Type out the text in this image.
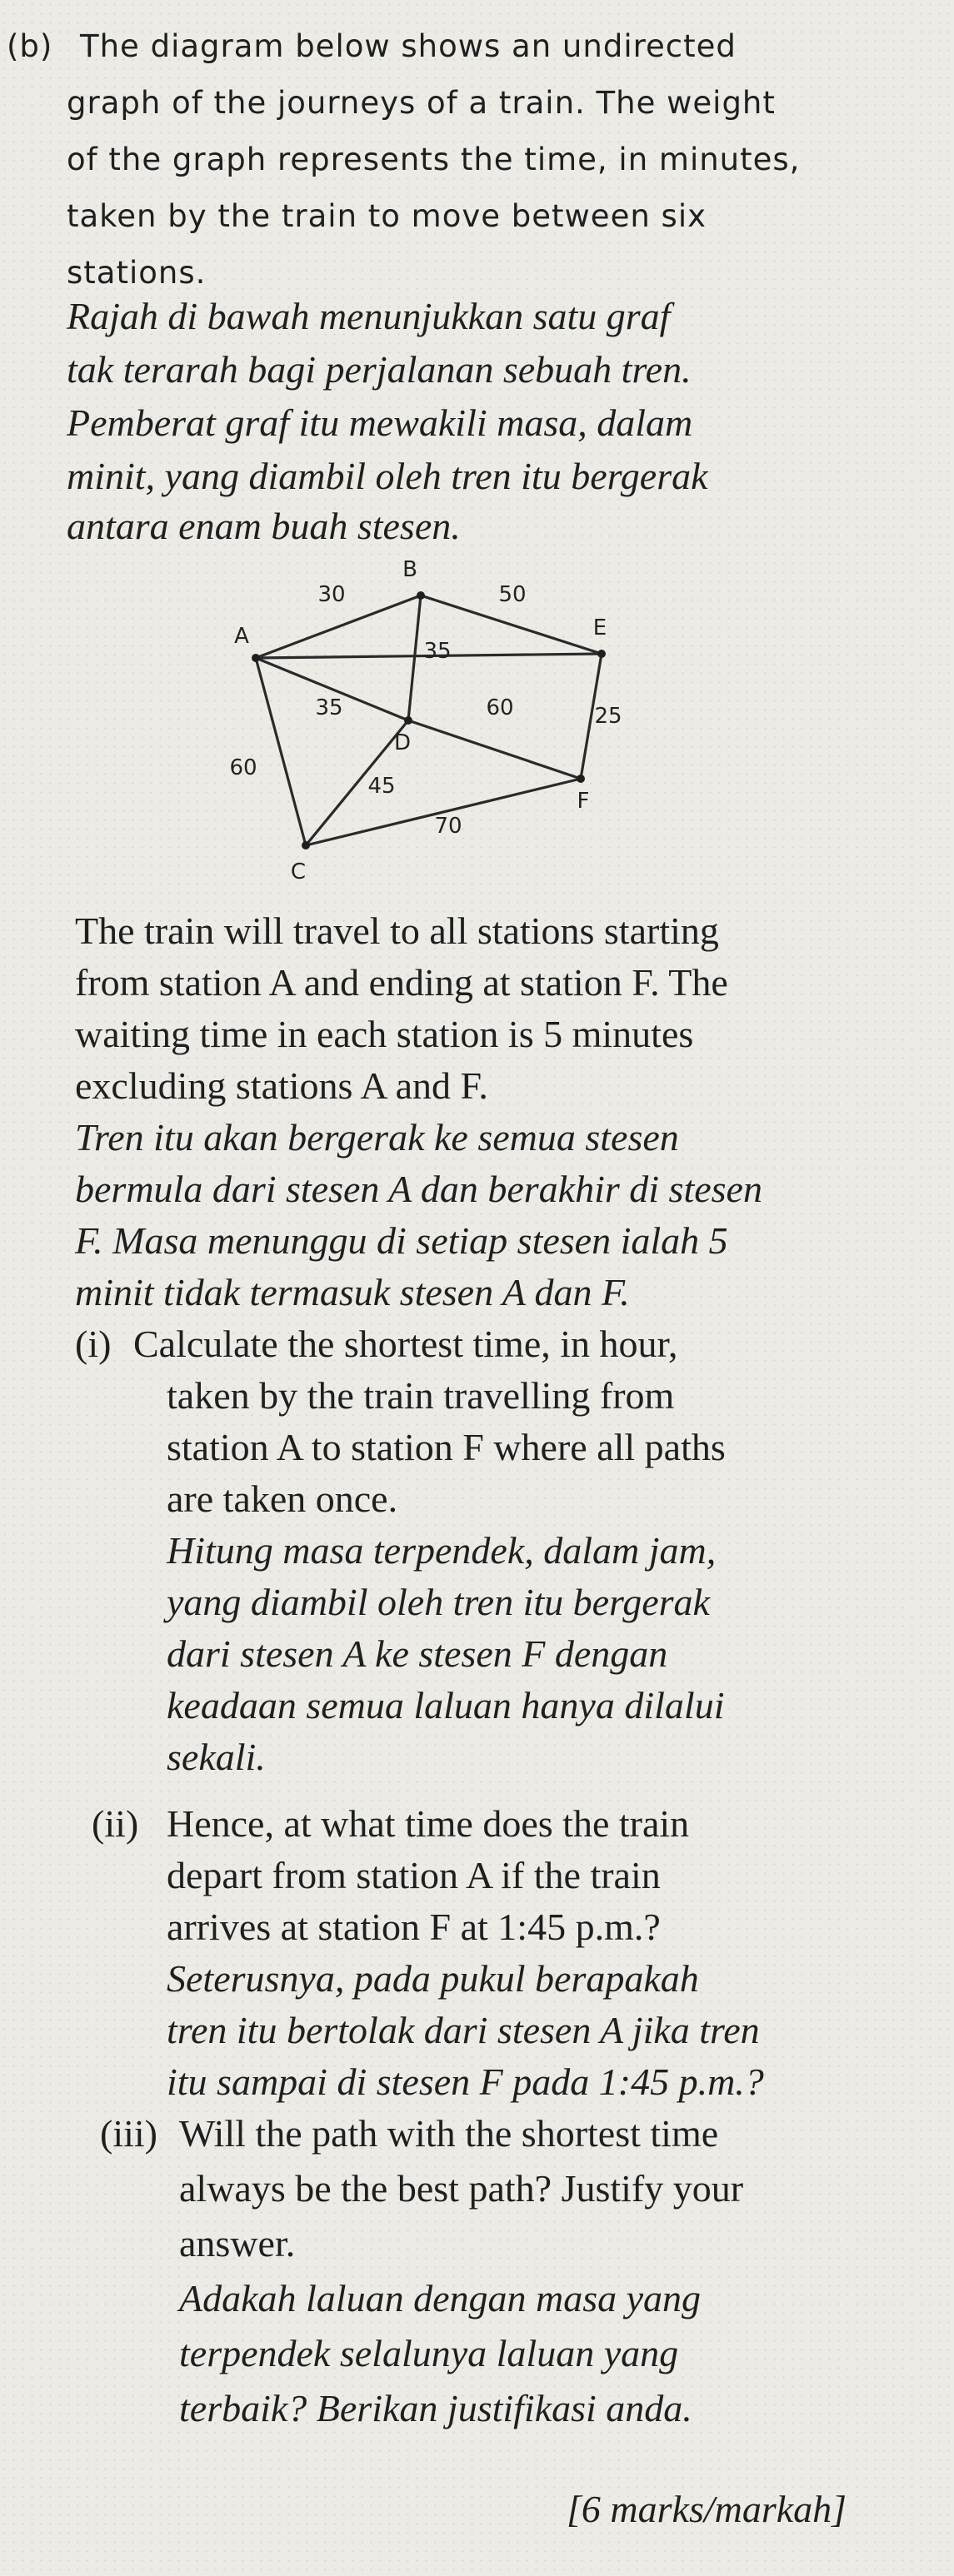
(b) The diagram below shows an undirected
graph of the journeys of a train. The weight
of the graph represents the time, in minutes,
taken by the train to move between six
stations.
Rajah di bawah menunjukkan satu graf
tak terarah bagi perjalanan sebuah tren.
Pemberat graf itu mewakili masa, dalam
minit, yang diambil oleh tren itu bergerak
antara enam buah stesen.
30	50
35
35	60	25
60
45
70
A
B
C
D
E
F
The train will travel to all stations starting
from station A and ending at station F. The
waiting time in each station is 5 minutes
excluding stations A and F.
Tren itu akan bergerak ke semua stesen
bermula dari stesen A dan berakhir di stesen
F. Masa menunggu di setiap stesen ialah 5
minit tidak termasuk stesen A dan F.
(i) Calculate the shortest time, in hour,
taken by the train travelling from
station A to station F where all paths
are taken once.
Hitung masa terpendek, dalam jam,
yang diambil oleh tren itu bergerak
dari stesen A ke stesen F dengan
keadaan semua laluan hanya dilalui
sekali.
(ii) Hence, at what time does the train
depart from station A if the train
arrives at station F at 1:45 p.m.?
Seterusnya, pada pukul berapakah
tren itu bertolak dari stesen A jika tren
itu sampai di stesen F pada 1:45 p.m.?
(iii) Will the path with the shortest time
always be the best path? Justify your
answer.
Adakah laluan dengan masa yang
terpendek selalunya laluan yang
terbaik? Berikan justifikasi anda.
[6 marks/markah]
